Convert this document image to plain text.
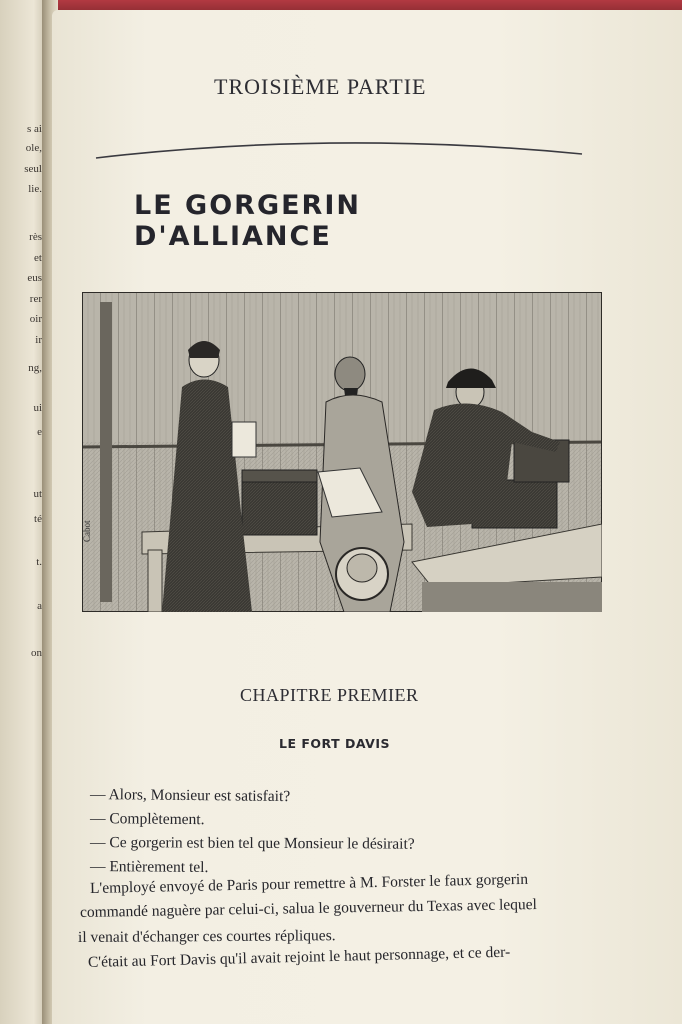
s ai
ole,
seul
lie.
rès
et
eus
rer
oir
ir
ng,
ui
e
ut
té
t.
a
on
TROISIÈME PARTIE
LE GORGERIN D'ALLIANCE
Cabot
CHAPITRE PREMIER
LE FORT DAVIS
— Alors, Monsieur est satisfait?
— Complètement.
— Ce gorgerin est bien tel que Monsieur le désirait?
— Entièrement tel.
L'employé envoyé de Paris pour remettre à M. Forster le faux gorgerin
commandé naguère par celui-ci, salua le gouverneur du Texas avec lequel
il venait d'échanger ces courtes répliques.
C'était au Fort Davis qu'il avait rejoint le haut personnage, et ce der-
